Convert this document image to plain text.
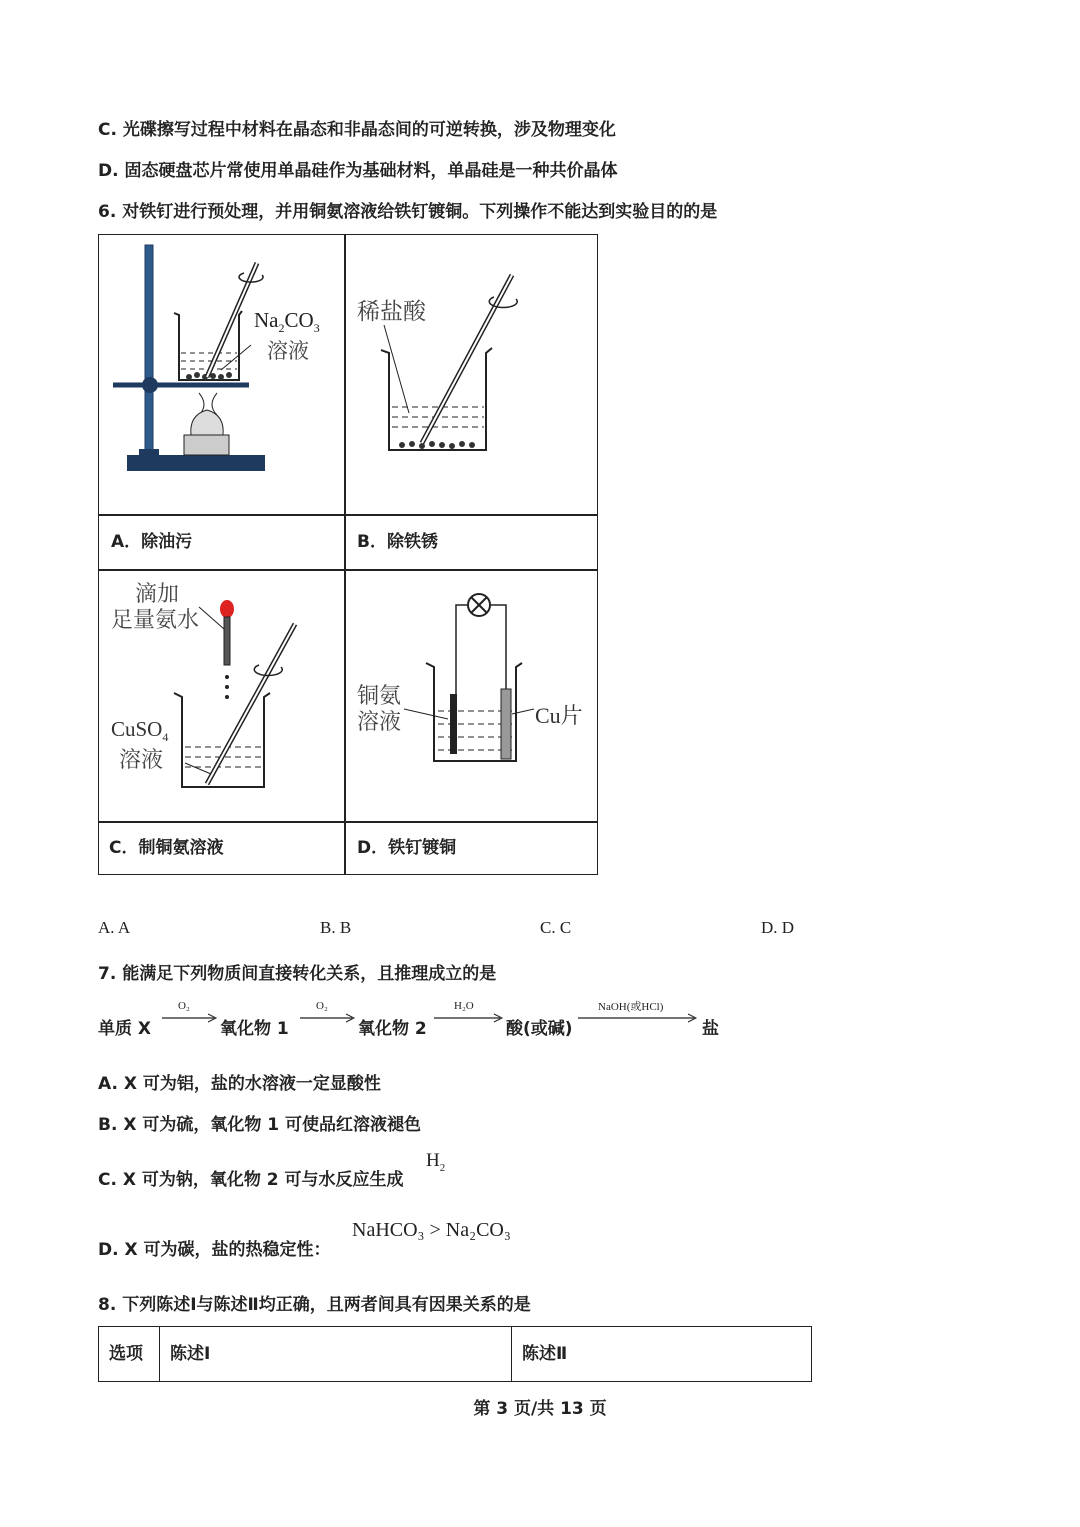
C. 光碟擦写过程中材料在晶态和非晶态间的可逆转换，涉及物理变化
D. 固态硬盘芯片常使用单晶硅作为基础材料，单晶硅是一种共价晶体
6. 对铁钉进行预处理，并用铜氨溶液给铁钉镀铜。下列操作不能达到实验目的的是
$Na_2CO_3$
溶液
稀盐酸
A．除油污	B．除铁锈
滴加
足量氨水
CuSO$_4$
溶液
铜氨
溶液	Cu片
C．制铜氨溶液	D．铁钉镀铜
A. A	B. B	C. C	D. D
7. 能满足下列物质间直接转化关系，且推理成立的是
单质 X
O₂
氧化物 1
O₂
氧化物 2
H₂O
酸(或碱)
NaOH(或HCl)
盐
A. X 可为铝，盐的水溶液一定显酸性
B. X 可为硫，氧化物 1 可使品红溶液褪色
C. X 可为钠，氧化物 2 可与水反应生成
$H_2$
D. X 可为碳，盐的热稳定性：
NaHCO₃ > Na₂CO₃
8. 下列陈述Ⅰ与陈述Ⅱ均正确，且两者间具有因果关系的是
选项	陈述Ⅰ	陈述Ⅱ
第 3 页/共 13 页
